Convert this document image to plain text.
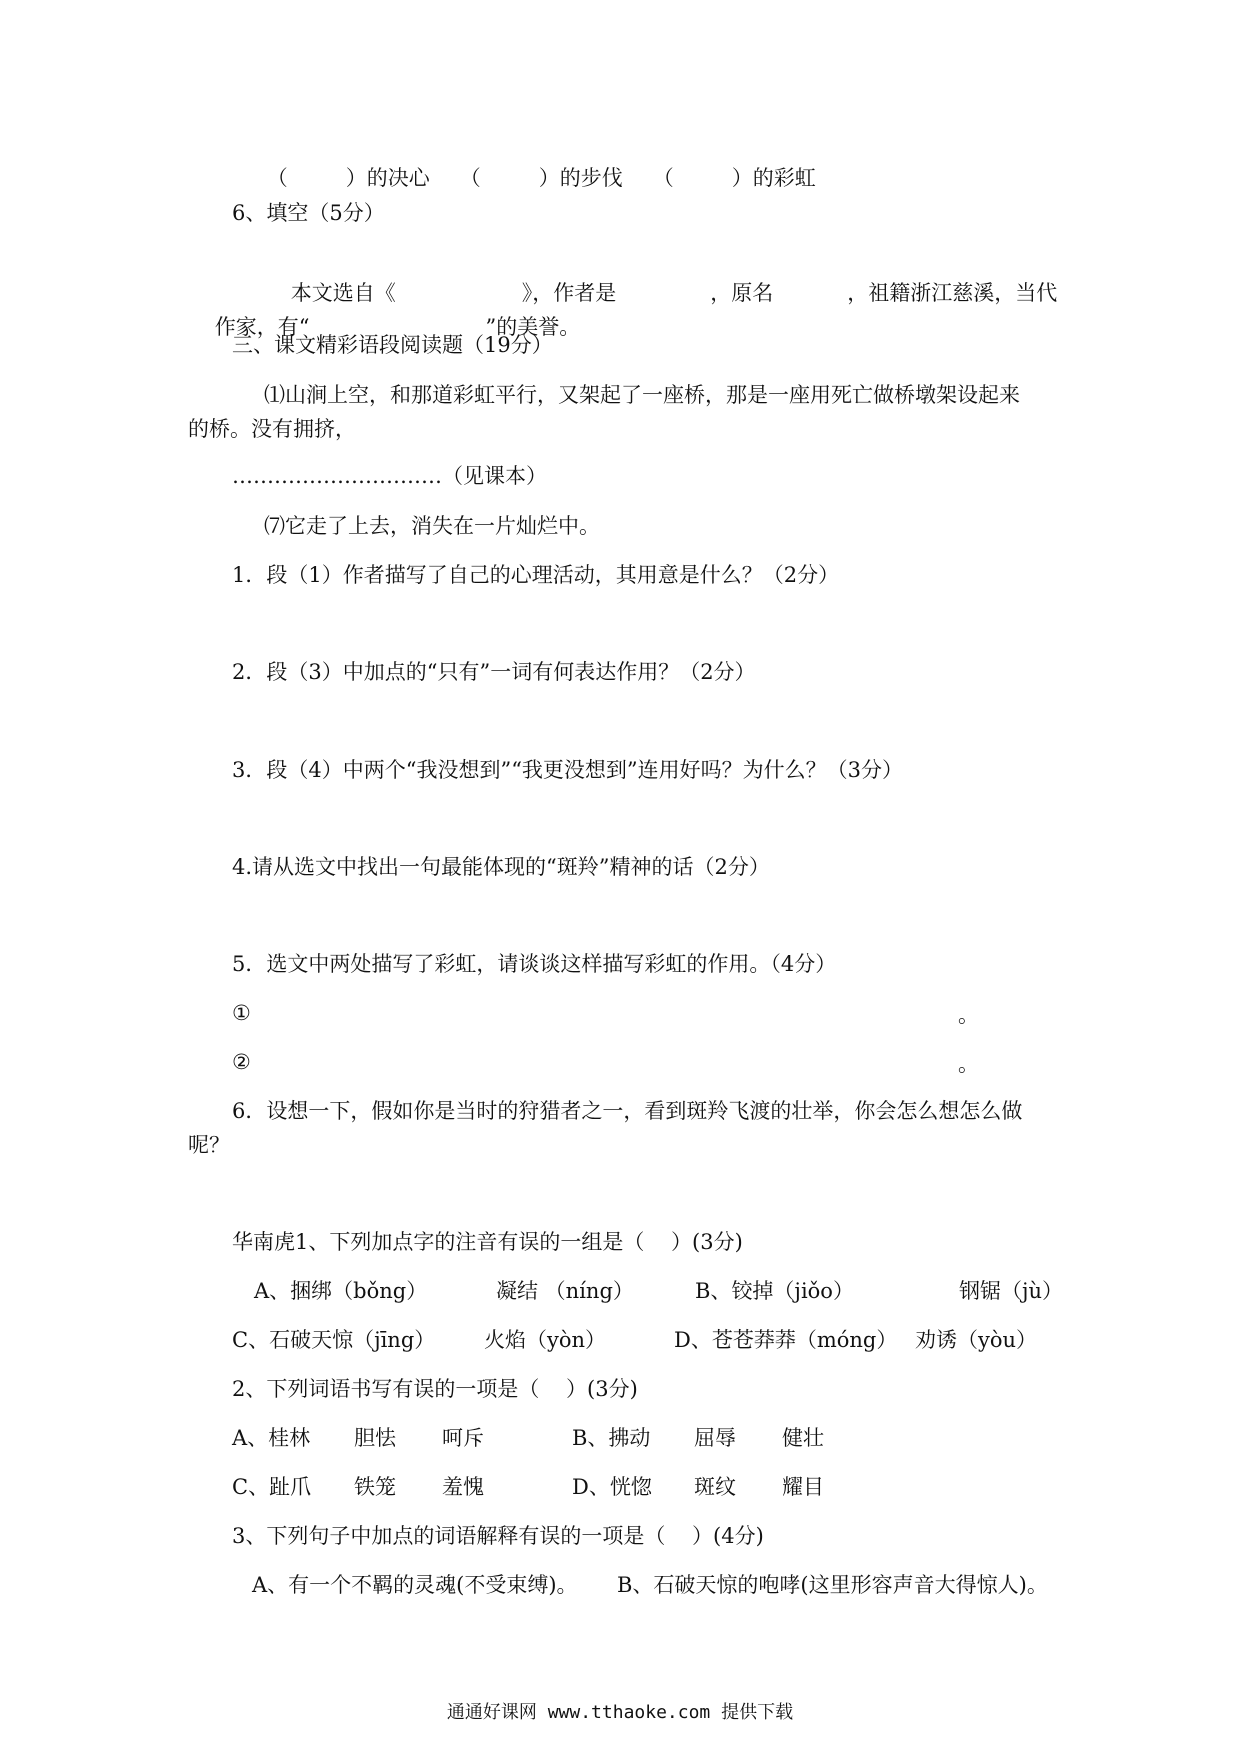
（	）的决心 （	）的步伐 （	）的彩虹

6、填空（5分）

本文选自《	》，作者是	，原名	，祖籍浙江慈溪，当代

作家，有“	”的美誉。

三、课文精彩语段阅读题（19分）
⑴山涧上空，和那道彩虹平行，又架起了一座桥，那是一座用死亡做桥墩架设起来
的桥。没有拥挤，
…………………………（见课本）
⑺它走了上去，消失在一片灿烂中。
1．段（1）作者描写了自己的心理活动，其用意是什么？（2分）
2．段（3）中加点的“只有”一词有何表达作用？（2分）
3．段（4）中两个“我没想到”“我更没想到”连用好吗？为什么？（3分）
4.请从选文中找出一句最能体现的“斑羚”精神的话（2分）
5．选文中两处描写了彩虹，请谈谈这样描写彩虹的作用。（4分）
①	。
②	。
6．设想一下，假如你是当时的狩猎者之一，看到斑羚飞渡的壮举，你会怎么想怎么做
呢？
华南虎1、下列加点字的注音有误的一组是（    ）(3分)
A、捆绑（bǒng）	凝结 （níng）	B、铰掉（jiǒo）	钢锯（jù）
C、石破天惊（jīng） 火焰（yòn）	D、苍苍莽莽（móng） 劝诱（yòu）
2、下列词语书写有误的一项是（    ）(3分)
A、桂林 胆怯 呵斥	B、拂动 屈辱 健壮
C、趾爪 铁笼 羞愧	D、恍惚 斑纹 耀目
3、下列句子中加点的词语解释有误的一项是（    ）(4分)
A、有一个不羁的灵魂(不受束缚)。 B、石破天惊的咆哮(这里形容声音大得惊人)。
通通好课网 www.tthaoke.com 提供下载
